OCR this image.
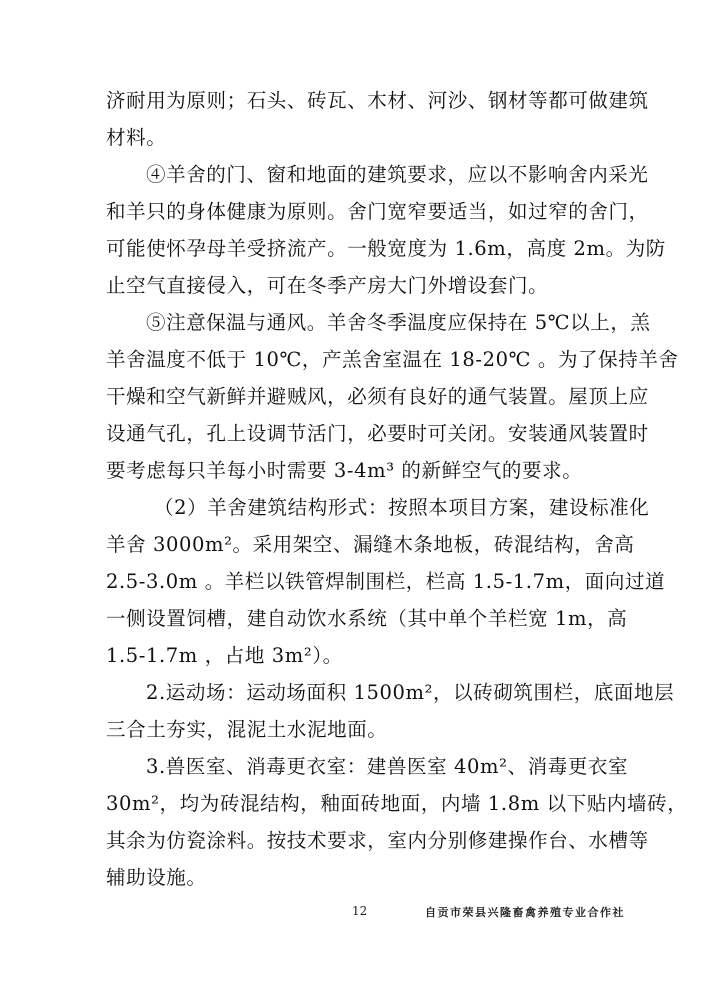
济耐用为原则；石头、砖瓦、木材、河沙、钢材等都可做建筑
材料。
④羊舍的门、窗和地面的建筑要求，应以不影响舍内采光
和羊只的身体健康为原则。舍门宽窄要适当，如过窄的舍门，
可能使怀孕母羊受挤流产。一般宽度为 1.6m，高度 2m。为防
止空气直接侵入，可在冬季产房大门外增设套门。
⑤注意保温与通风。羊舍冬季温度应保持在 5℃以上，羔
羊舍温度不低于 10℃，产羔舍室温在 18-20℃ 。为了保持羊舍
干燥和空气新鲜并避贼风，必须有良好的通气装置。屋顶上应
设通气孔，孔上设调节活门，必要时可关闭。安装通风装置时
要考虑每只羊每小时需要 3-4m³ 的新鲜空气的要求。
（2）羊舍建筑结构形式：按照本项目方案，建设标准化
羊舍 3000m²。采用架空、漏缝木条地板，砖混结构，舍高
2.5-3.0m 。羊栏以铁管焊制围栏，栏高 1.5-1.7m，面向过道
一侧设置饲槽，建自动饮水系统（其中单个羊栏宽 1m，高
1.5-1.7m ，占地 3m²）。
2.运动场：运动场面积 1500m²，以砖砌筑围栏，底面地层
三合土夯实，混泥土水泥地面。
3.兽医室、消毒更衣室：建兽医室 40m²、消毒更衣室
30m²，均为砖混结构，釉面砖地面，内墙 1.8m 以下贴内墙砖，
其余为仿瓷涂料。按技术要求，室内分别修建操作台、水槽等
辅助设施。
12	自贡市荣县兴隆畜禽养殖专业合作社
